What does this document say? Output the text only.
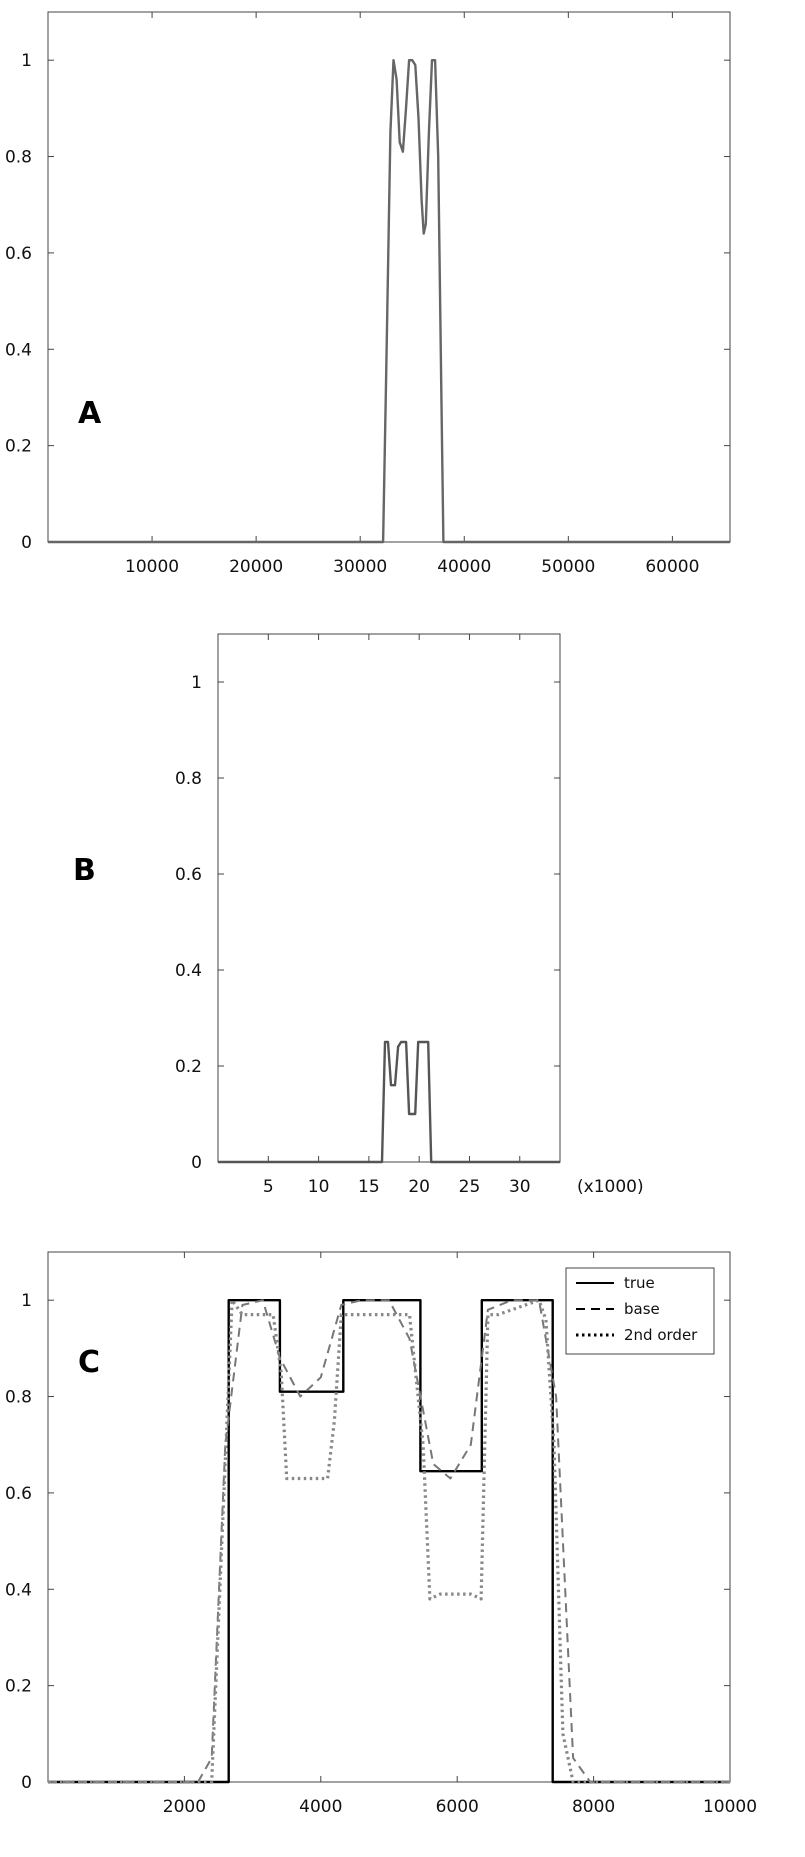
0
0.2
0.4
0.6
0.8
1
10000	20000	30000	40000	50000	60000
A
0
0.2
0.4
0.6
0.8
1
5 10 15 20 25 30	(x1000)
B
0
0.2
0.4
0.6
0.8
1
2000	4000	6000	8000	10000
C
true
base
2nd order
